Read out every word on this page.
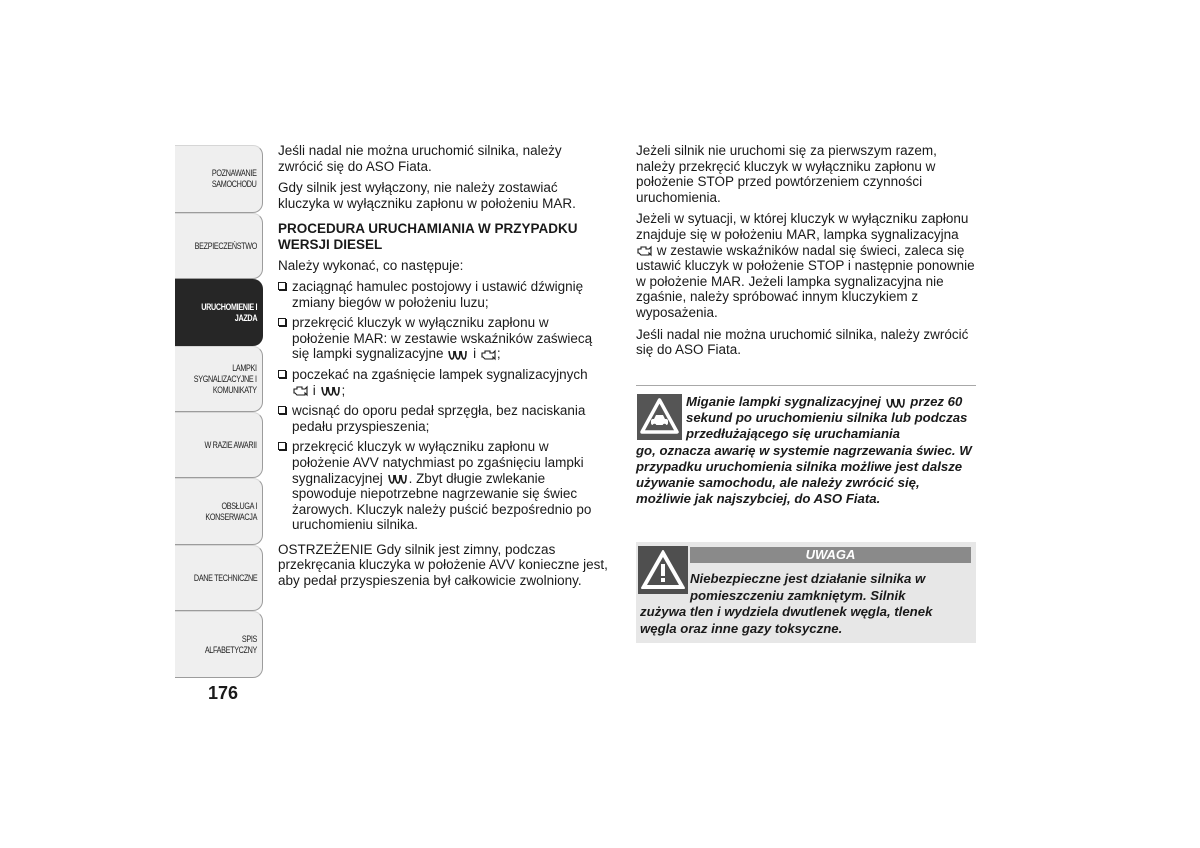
POZNAWANIE
SAMOCHODU
BEZPIECZEŃSTWO
URUCHOMIENIE I
JAZDA
LAMPKI
SYGNALIZACYJNE I
KOMUNIKATY
W RAZIE AWARII
OBSŁUGA I
KONSERWACJA
DANE TECHNICZNE
SPIS ALFABETYCZNY
176

Jeśli nadal nie można uruchomić silnika, należy zwrócić się do ASO Fiata.

Gdy silnik jest wyłączony, nie należy zostawiać kluczyka w wyłączniku zapłonu w położeniu MAR.

PROCEDURA URUCHAMIANIA W PRZYPADKU WERSJI DIESEL

Należy wykonać, co następuje:

zaciągnąć hamulec postojowy i ustawić dźwignię zmiany biegów w położeniu luzu;
przekręcić kluczyk w wyłączniku zapłonu w położenie MAR: w zestawie wskaźników zaświecą się lampki sygnalizacyjne  i ;
poczekać na zgaśnięcie lampek sygnalizacyjnych
i ;
wcisnąć do oporu pedał sprzęgła, bez naciskania pedału przyspieszenia;
przekręcić kluczyk w wyłączniku zapłonu w położenie AVV natychmiast po zgaśnięciu lampki sygnalizacyjnej . Zbyt długie zwlekanie spowoduje niepotrzebne nagrzewanie się świec żarowych. Kluczyk należy puścić bezpośrednio po uruchomieniu silnika.

OSTRZEŻENIE Gdy silnik jest zimny, podczas przekręcania kluczyka w położenie AVV konieczne jest, aby pedał przyspieszenia był całkowicie zwolniony.

Jeżeli silnik nie uruchomi się za pierwszym razem, należy przekręcić kluczyk w wyłączniku zapłonu w położenie STOP przed powtórzeniem czynności uruchomienia.

Jeżeli w sytuacji, w której kluczyk w wyłączniku zapłonu znajduje się w położeniu MAR, lampka sygnalizacyjna  w zestawie wskaźników nadal się świeci, zaleca się ustawić kluczyk w położenie STOP i następnie ponownie w położenie MAR. Jeżeli lampka sygnalizacyjna nie zgaśnie, należy spróbować innym kluczykiem z wyposażenia.

Jeśli nadal nie można uruchomić silnika, należy zwrócić się do ASO Fiata.

Miganie lampki sygnalizacyjnej  przez 60 sekund po uruchomieniu silnika lub podczas przedłużającego się uruchamiania
go, oznacza awarię w systemie nagrzewania świec. W przypadku uruchomienia silnika możliwe jest dalsze używanie samochodu, ale należy zwrócić się, możliwie jak najszybciej, do ASO Fiata.
UWAGA
Niebezpieczne jest działanie silnika w pomieszczeniu zamkniętym. Silnik
zużywa tlen i wydziela dwutlenek węgla, tlenek węgla oraz inne gazy toksyczne.
